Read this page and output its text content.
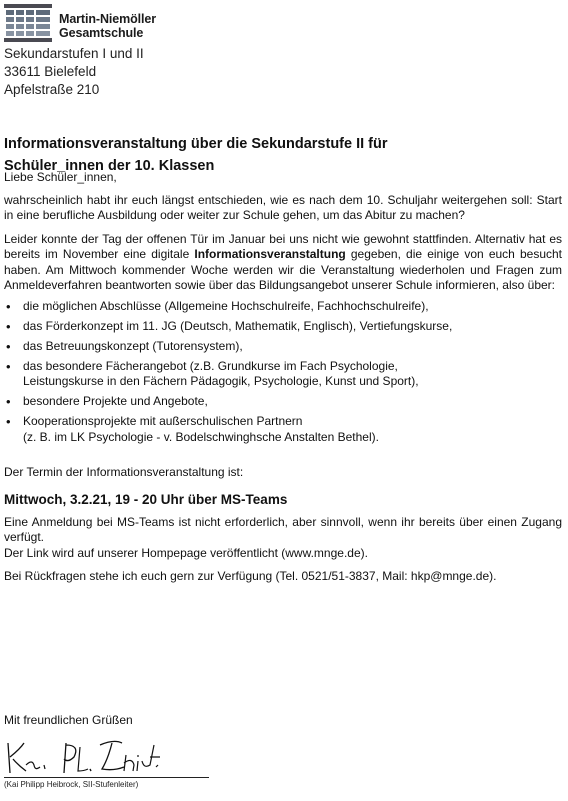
Martin-Niemöller
Gesamtschule
Sekundarstufen I und II
33611 Bielefeld
Apfelstraße 210
Informationsveranstaltung über die Sekundarstufe II für
Schüler_innen der 10. Klassen

Liebe Schüler_innen,

wahrscheinlich habt ihr euch längst entschieden, wie es nach dem 10. Schuljahr weitergehen soll: Start in eine berufliche Ausbildung oder weiter zur Schule gehen, um das Abitur zu machen?

Leider konnte der Tag der offenen Tür im Januar bei uns nicht wie gewohnt stattfinden. Alternativ hat es bereits im November eine digitale Informationsveranstaltung gegeben, die einige von euch besucht haben. Am Mittwoch kommender Woche werden wir die Veranstaltung wiederholen und Fragen zum Anmeldeverfahren beantworten sowie über das Bildungsangebot unserer Schule informieren, also über:

• die möglichen Abschlüsse (Allgemeine Hochschulreife, Fachhochschulreife),
• das Förderkonzept im 11. JG (Deutsch, Mathematik, Englisch), Vertiefungskurse,
• das Betreuungskonzept (Tutorensystem),
• das besondere Fächerangebot (z.B. Grundkurse im Fach Psychologie,
Leistungskurse in den Fächern Pädagogik, Psychologie, Kunst und Sport),
• besondere Projekte und Angebote,
• Kooperationsprojekte mit außerschulischen Partnern
(z. B. im LK Psychologie - v. Bodelschwinghsche Anstalten Bethel).

Der Termin der Informationsveranstaltung ist:

Mittwoch, 3.2.21, 19 - 20 Uhr über MS-Teams

Eine Anmeldung bei MS-Teams ist nicht erforderlich, aber sinnvoll, wenn ihr bereits über einen Zugang verfügt.
Der Link wird auf unserer Hompepage veröffentlicht (www.mnge.de).

Bei Rückfragen stehe ich euch gern zur Verfügung (Tel. 0521/51-3837, Mail: hkp@mnge.de).

Mit freundlichen Grüßen
(Kai Philipp Heibrock, SII-Stufenleiter)
